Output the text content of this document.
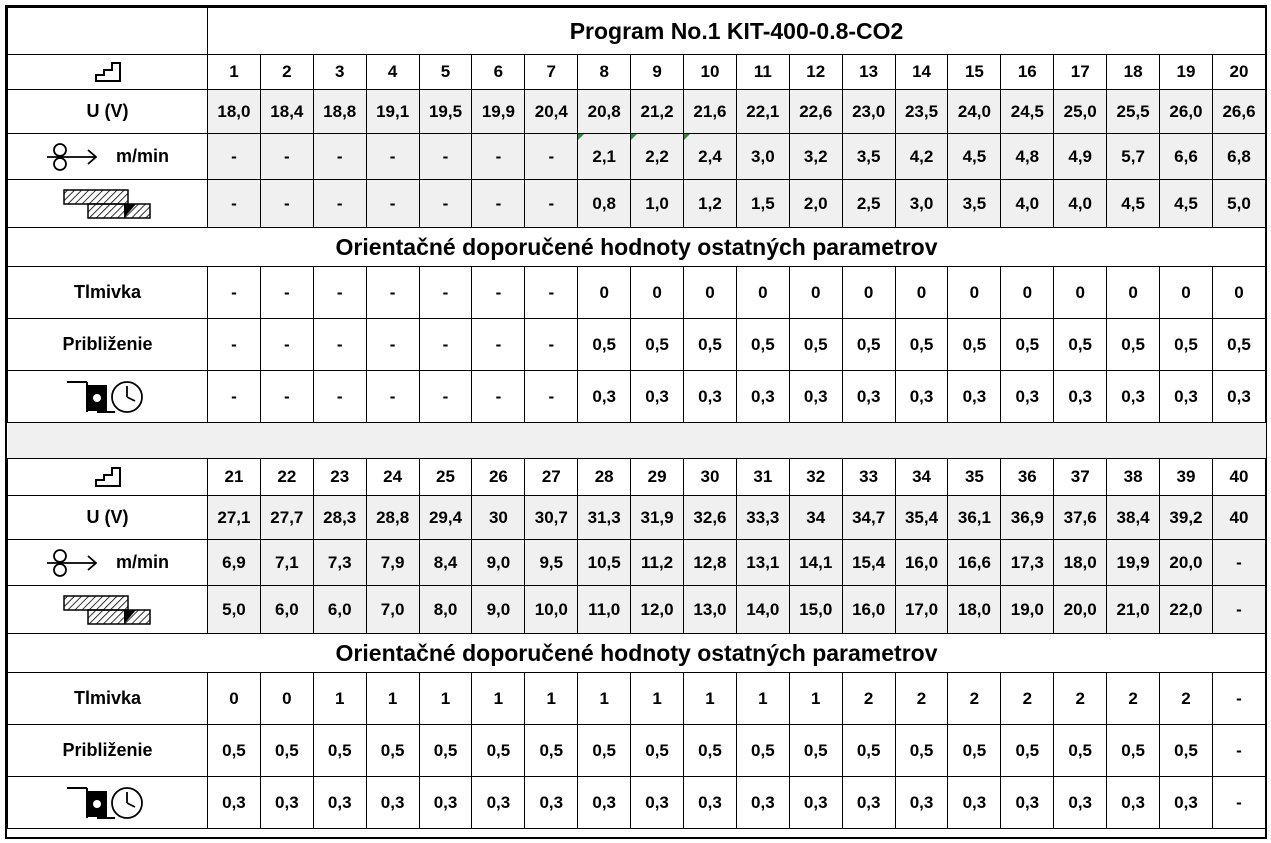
	Program No.1 KIT-400-0.8-CO2																			
	1	2	3	4	5	6	7	8	9	10	11	12	13	14	15	16	17	18	19	20
U (V)	18,0	18,4	18,8	19,1	19,5	19,9	20,4	20,8	21,2	21,6	22,1	22,6	23,0	23,5	24,0	24,5	25,0	25,5	26,0	26,6

m/min	-	-	-	-	-	-	-	2,1	2,2	2,4	3,0	3,2	3,5	4,2	4,5	4,8	4,9	5,7	6,6	6,8
	-	-	-	-	-	-	-	0,8	1,0	1,2	1,5	2,0	2,5	3,0	3,5	4,0	4,0	4,5	4,5	5,0
Orientačné doporučené hodnoty ostatných parametrov																				
Tlmivka	-	-	-	-	-	-	-	0	0	0	0	0	0	0	0	0	0	0	0	0
Približenie	-	-	-	-	-	-	-	0,5	0,5	0,5	0,5	0,5	0,5	0,5	0,5	0,5	0,5	0,5	0,5	0,5
	-	-	-	-	-	-	-	0,3	0,3	0,3	0,3	0,3	0,3	0,3	0,3	0,3	0,3	0,3	0,3	0,3

	21	22	23	24	25	26	27	28	29	30	31	32	33	34	35	36	37	38	39	40
U (V)	27,1	27,7	28,3	28,8	29,4	30	30,7	31,3	31,9	32,6	33,3	34	34,7	35,4	36,1	36,9	37,6	38,4	39,2	40

m/min	6,9	7,1	7,3	7,9	8,4	9,0	9,5	10,5	11,2	12,8	13,1	14,1	15,4	16,0	16,6	17,3	18,0	19,9	20,0	-
	5,0	6,0	6,0	7,0	8,0	9,0	10,0	11,0	12,0	13,0	14,0	15,0	16,0	17,0	18,0	19,0	20,0	21,0	22,0	-
Orientačné doporučené hodnoty ostatných parametrov																				
Tlmivka	0	0	1	1	1	1	1	1	1	1	1	1	2	2	2	2	2	2	2	-
Približenie	0,5	0,5	0,5	0,5	0,5	0,5	0,5	0,5	0,5	0,5	0,5	0,5	0,5	0,5	0,5	0,5	0,5	0,5	0,5	-
	0,3	0,3	0,3	0,3	0,3	0,3	0,3	0,3	0,3	0,3	0,3	0,3	0,3	0,3	0,3	0,3	0,3	0,3	0,3	-
